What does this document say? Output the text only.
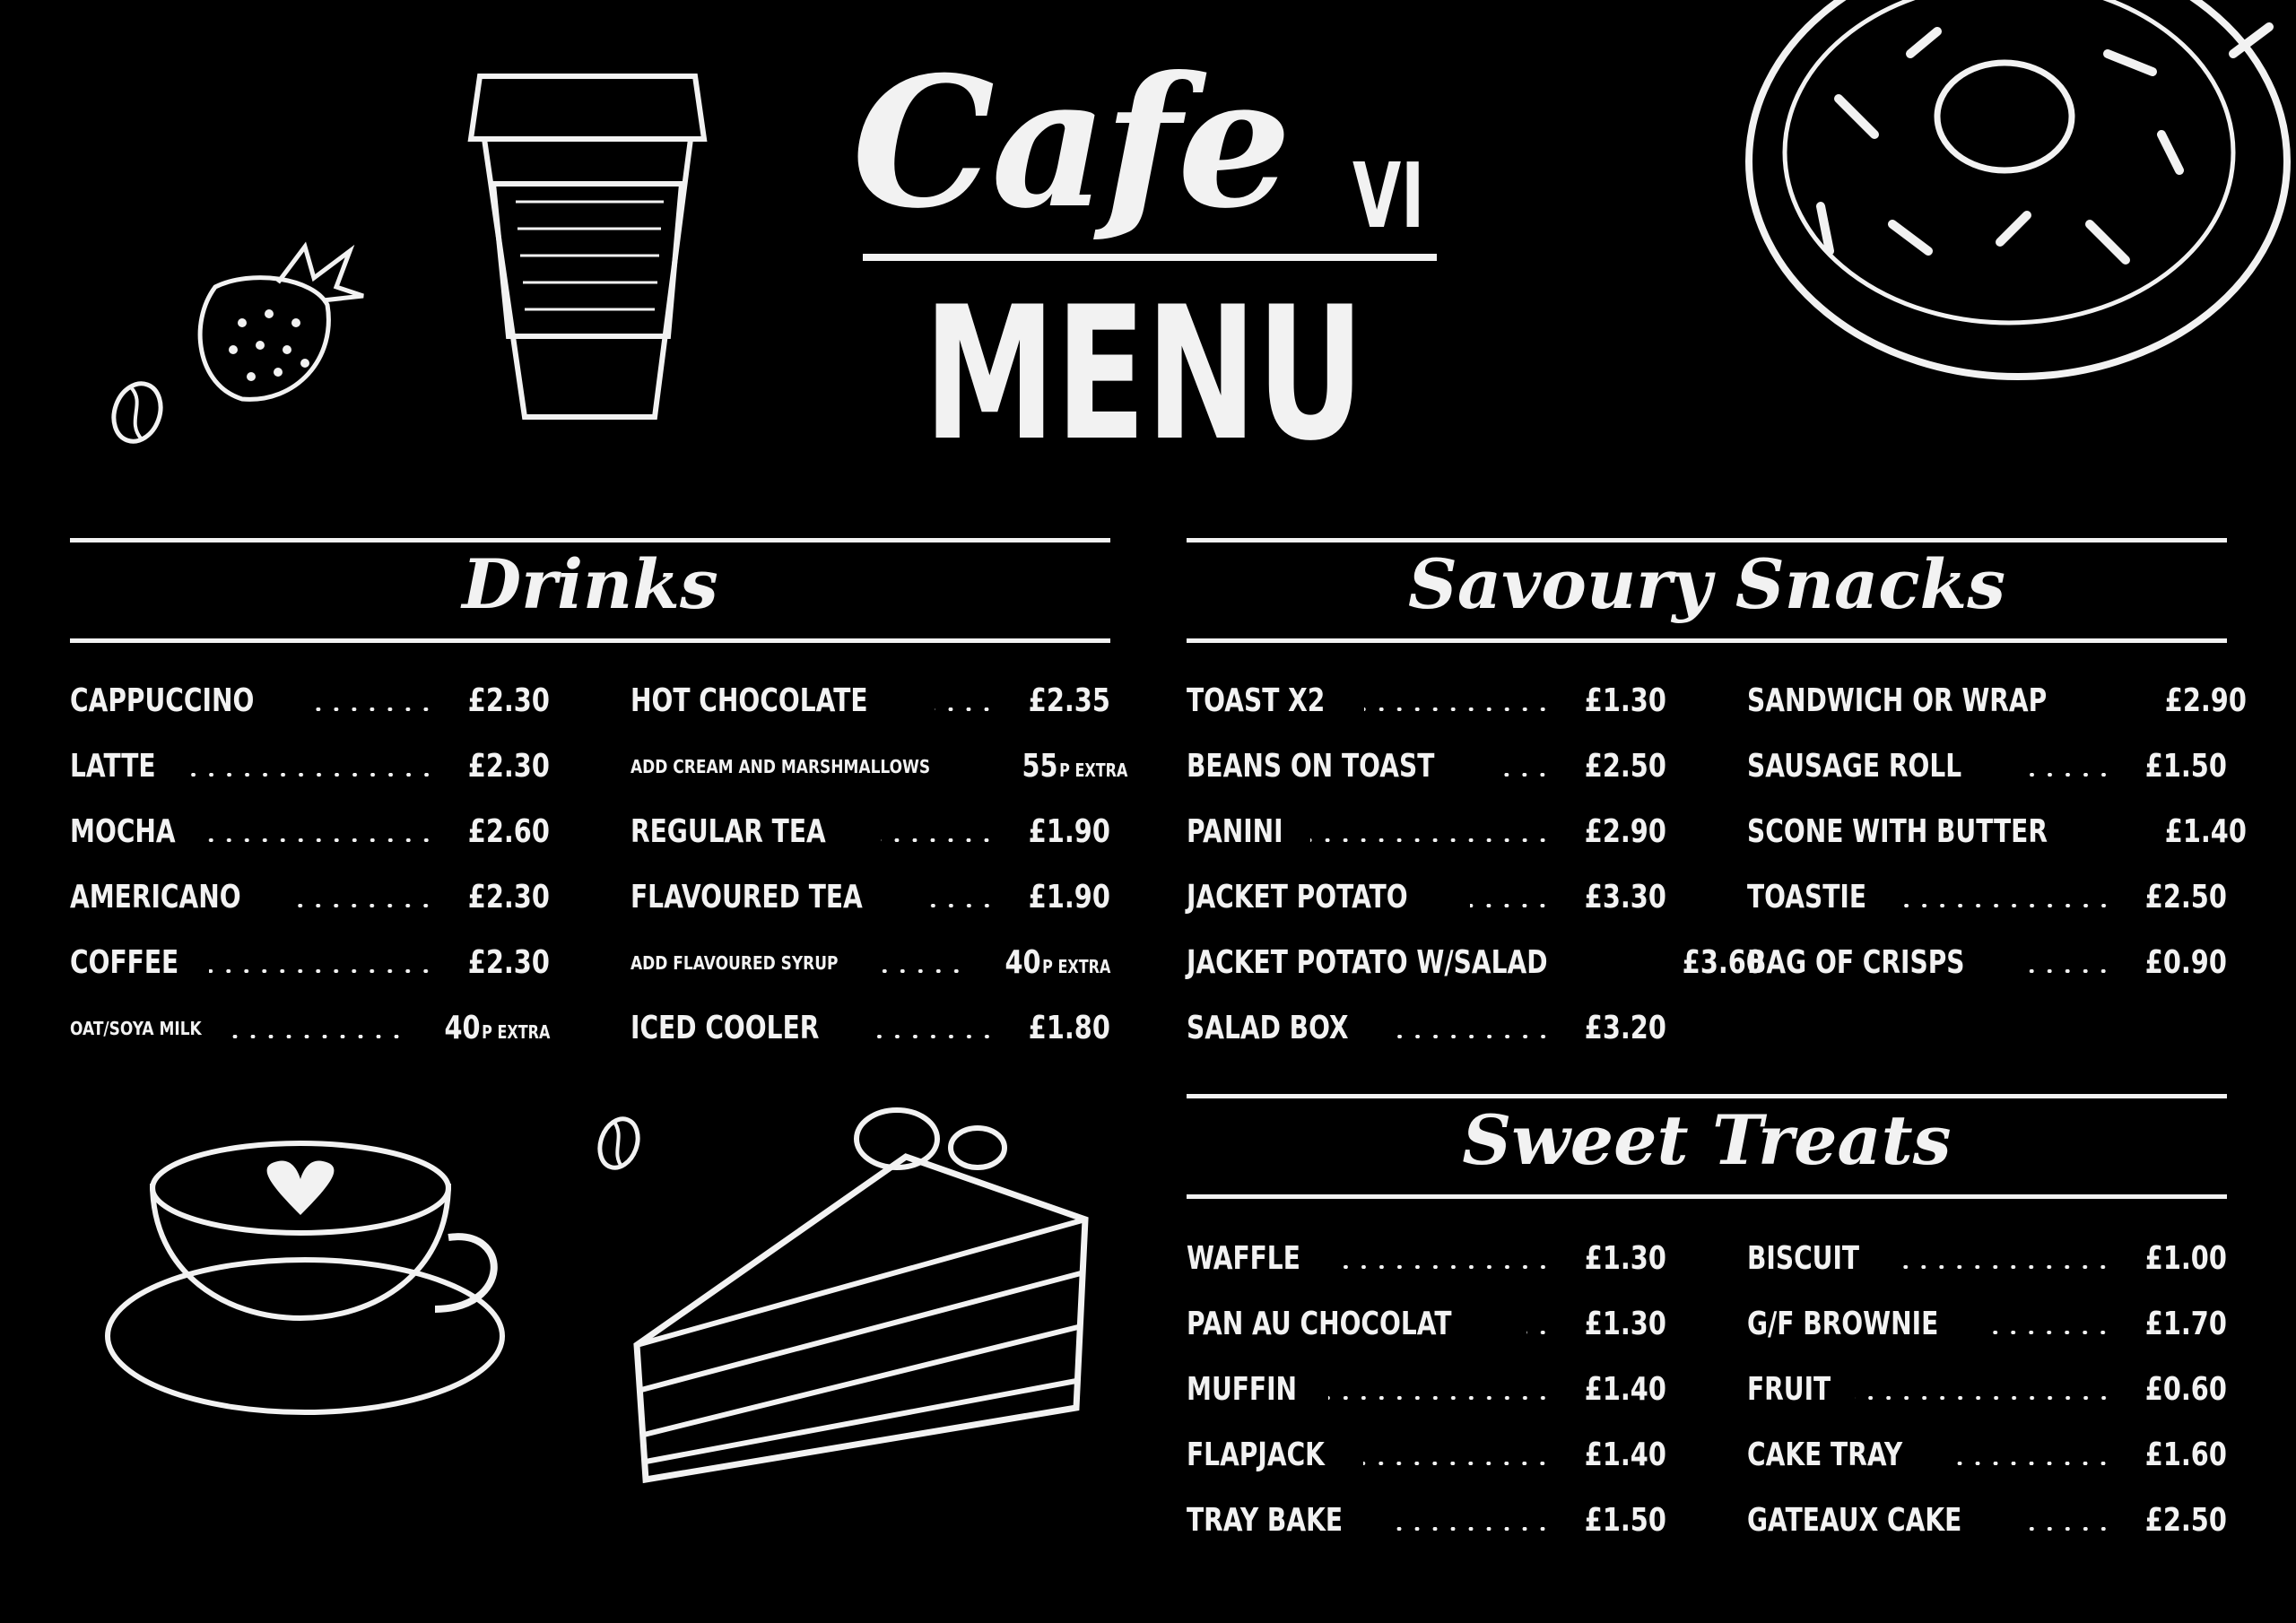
Cafe VI
MENU
Drinks
CAPPUCCINO	£2.30
LATTE	£2.30
MOCHA	£2.60
AMERICANO	£2.30
COFFEE	£2.30
OAT/SOYA MILK	40P EXTRA
HOT CHOCOLATE	£2.35
ADD CREAM AND MARSHMALLOWS	55P EXTRA
REGULAR TEA	£1.90
FLAVOURED TEA	£1.90
ADD FLAVOURED SYRUP	40P EXTRA
ICED COOLER	£1.80
Savoury Snacks
TOAST X2	£1.30
BEANS ON TOAST	£2.50
PANINI	£2.90
JACKET POTATO	£3.30
JACKET POTATO W/SALAD	£3.60
SALAD BOX	£3.20
SANDWICH OR WRAP	£2.90
SAUSAGE ROLL	£1.50
SCONE WITH BUTTER	£1.40
TOASTIE	£2.50
BAG OF CRISPS	£0.90
Sweet Treats
WAFFLE	£1.30
PAN AU CHOCOLAT	£1.30
MUFFIN	£1.40
FLAPJACK	£1.40
TRAY BAKE	£1.50
BISCUIT	£1.00
G/F BROWNIE	£1.70
FRUIT	£0.60
CAKE TRAY	£1.60
GATEAUX CAKE	£2.50
